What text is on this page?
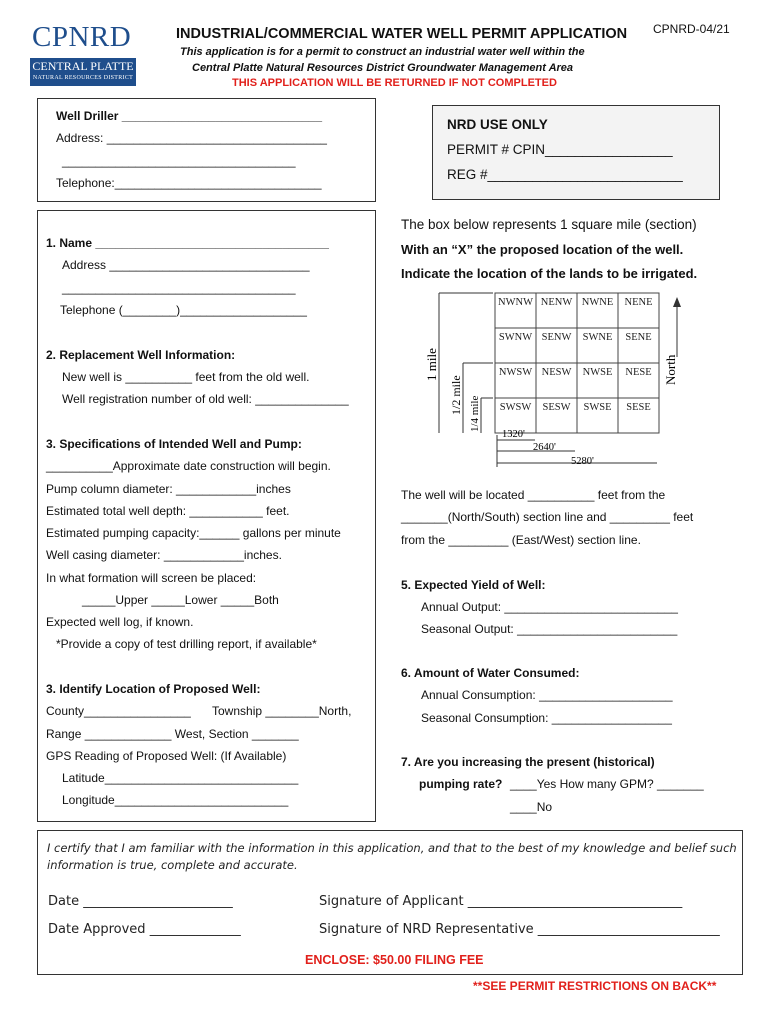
CPNRD
CENTRAL PLATTE
NATURAL RESOURCES DISTRICT
INDUSTRIAL/COMMERCIAL WATER WELL PERMIT APPLICATION CPNRD-04/21
This application is for a permit to construct an industrial water well within the
Central Platte Natural Resources District Groundwater Management Area
THIS APPLICATION WILL BE RETURNED IF NOT COMPLETED
Well Driller ______________________________
Address: _________________________________
___________________________________
Telephone:_______________________________
NRD USE ONLY
PERMIT # CPIN_________________
REG #__________________________
1. Name ___________________________________
Address ______________________________
___________________________________
Telephone (________)___________________
2. Replacement Well Information:
New well is __________ feet from the old well.
Well registration number of old well: ______________
3. Specifications of Intended Well and Pump:
__________Approximate date construction will begin.
Pump column diameter: ____________inches
Estimated total well depth: ___________ feet.
Estimated pumping capacity:______ gallons per minute
Well casing diameter: ____________inches.
In what formation will screen be placed:
_____Upper _____Lower _____Both
Expected well log, if known.
*Provide a copy of test drilling report, if available*
3. Identify Location of Proposed Well:
County________________ Township ________North,
Range _____________ West, Section _______
GPS Reading of Proposed Well: (If Available)
Latitude_____________________________
Longitude__________________________
The box below represents 1 square mile (section)
With an “X” the proposed location of the well.
Indicate the location of the lands to be irrigated.
NWNW NENW NWNE NENE
SWNW SENW SWNE SENE
NWSW NESW NWSE NESE
SWSW SESW SWSE SESE
1 mile
1/2 mile 1/4 mile
North
1320'
2640'
5280'
The well will be located __________ feet from the
_______(North/South) section line and _________ feet
from the _________ (East/West) section line.
5. Expected Yield of Well:
Annual Output: __________________________
Seasonal Output: ________________________
6. Amount of Water Consumed:
Annual Consumption: ____________________
Seasonal Consumption: __________________
7. Are you increasing the present (historical)
pumping rate? ____Yes How many GPM? _______
____No
I certify that I am familiar with the information in this application, and that to the best of my knowledge and belief such
information is true, complete and accurate.
Date _______________________	Signature of Applicant _________________________________
Date Approved ______________	Signature of NRD Representative ____________________________
ENCLOSE: $50.00 FILING FEE
**SEE PERMIT RESTRICTIONS ON BACK**
